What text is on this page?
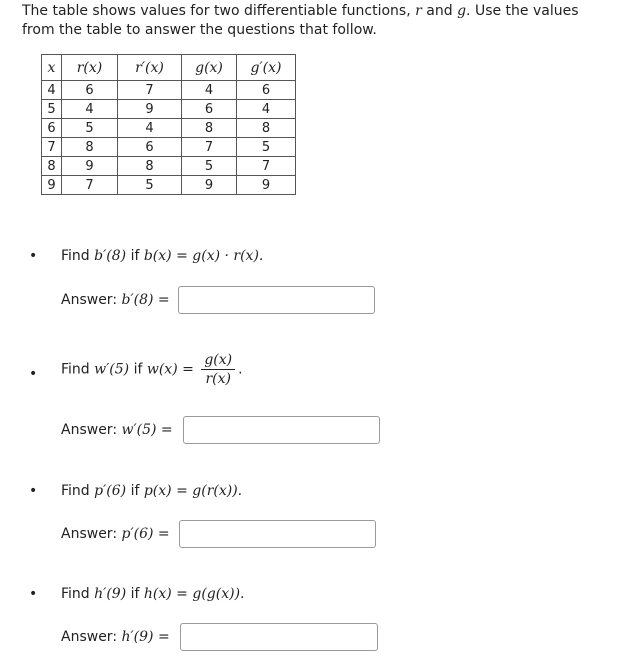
The table shows values for two differentiable functions, r and g. Use the values from the table to answer the questions that follow.
x	r(x)	r′(x)	g(x)	g′(x)
4	6	7	4	6
5	4	9	6	4
6	5	4	8	8
7	8	6	7	5
8	9	8	5	7
9	7	5	9	9
• Find b′(8) if b(x) = g(x) · r(x).
Answer: b′(8) =
• Find w′(5) if $w(x) = \frac{g(x)}{r(x)}$ .
Answer: w′(5) =
• Find p′(6) if p(x) = g(r(x)).
Answer: p′(6) =
• Find h′(9) if h(x) = g(g(x)).
Answer: h′(9) =
